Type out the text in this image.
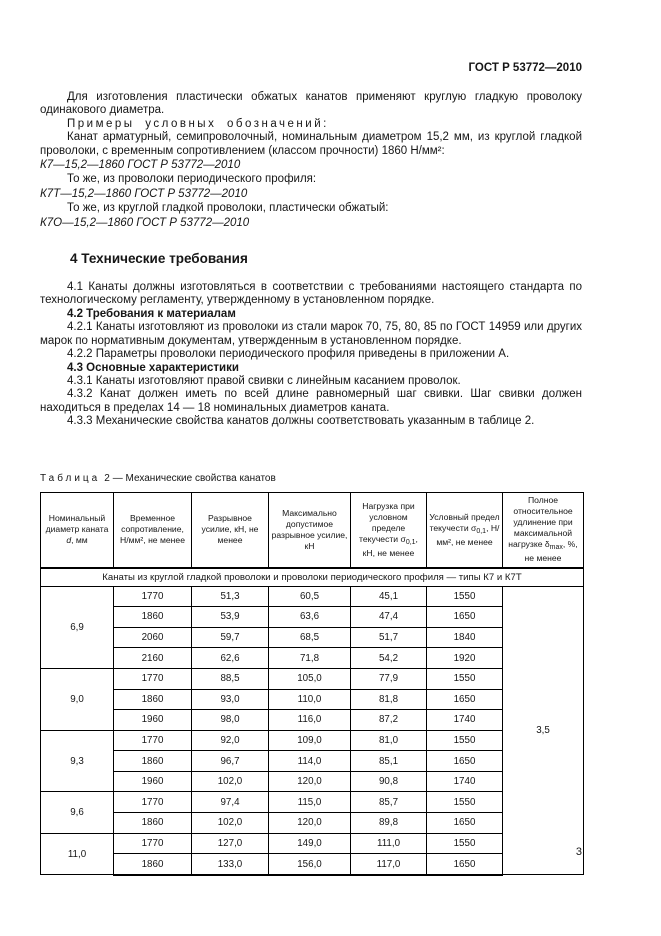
ГОСТ Р 53772—2010

Для изготовления пластически обжатых канатов применяют круглую гладкую проволоку одинакового диаметра.

Примеры условных обозначений:

Канат арматурный, семипроволочный, номинальным диаметром 15,2 мм, из круглой гладкой проволоки, с временным сопротивлением (классом прочности) 1860 Н/мм²:

К7—15,2—1860 ГОСТ Р 53772—2010

То же, из проволоки периодического профиля:

К7Т—15,2—1860 ГОСТ Р 53772—2010

То же, из круглой гладкой проволоки, пластически обжатый:

К7О—15,2—1860 ГОСТ Р 53772—2010

4 Технические требования

4.1 Канаты должны изготовляться в соответствии с требованиями настоящего стандарта по технологическому регламенту, утвержденному в установленном порядке.

4.2 Требования к материалам

4.2.1 Канаты изготовляют из проволоки из стали марок 70, 75, 80, 85 по ГОСТ 14959 или других марок по нормативным документам, утвержденным в установленном порядке.

4.2.2 Параметры проволоки периодического профиля приведены в приложении А.

4.3 Основные характеристики

4.3.1 Канаты изготовляют правой свивки с линейным касанием проволок.

4.3.2 Канат должен иметь по всей длине равномерный шаг свивки. Шаг свивки должен находиться в пределах 14 — 18 номинальных диаметров каната.

4.3.3 Механические свойства канатов должны соответствовать указанным в таблице 2.

Таблица 2 — Механические свойства канатов
Номинальный диаметр каната d, мм	Временное сопротивление, Н/мм², не менее	Разрывное усилие, кН, не менее	Максимально допустимое разрывное усилие, кН	Нагрузка при условном пределе текучести $\sigma_{0,1}$, кН, не менее	Условный предел текучести $\sigma_{0,1}$, Н/мм², не менее	Полное относительное удлинение при максимальной нагрузке $\delta_{max}$, %, не менее
Канаты из круглой гладкой проволоки и проволоки периодического профиля — типы К7 и К7Т						
6,9	1770	51,3	60,5	45,1	1550	3,5
	1860	53,9	63,6	47,4	1650	
	2060	59,7	68,5	51,7	1840	
	2160	62,6	71,8	54,2	1920	
9,0	1770	88,5	105,0	77,9	1550	
	1860	93,0	110,0	81,8	1650	
	1960	98,0	116,0	87,2	1740	
9,3	1770	92,0	109,0	81,0	1550	
	1860	96,7	114,0	85,1	1650	
	1960	102,0	120,0	90,8	1740	
9,6	1770	97,4	115,0	85,7	1550	
	1860	102,0	120,0	89,8	1650	
11,0	1770	127,0	149,0	111,0	1550	
	1860	133,0	156,0	117,0	1650	
3
